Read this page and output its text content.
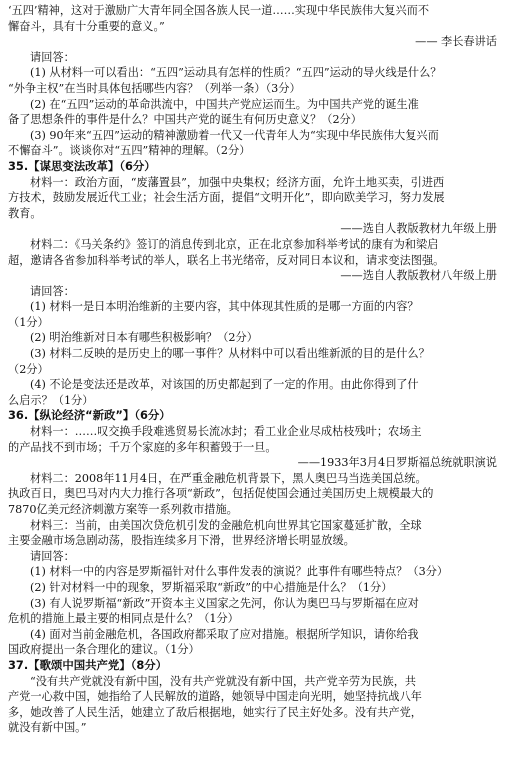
‘五四’精神，这对于激励广大青年同全国各族人民一道……实现中华民族伟大复兴而不
懈奋斗，具有十分重要的意义。”
—— 李长春讲话
请回答：
(1) 从材料一可以看出：“五四”运动具有怎样的性质？“五四”运动的导火线是什么？
“外争主权”在当时具体包括哪些内容？（列举一条）（3分）
(2) 在“五四”运动的革命洪流中，中国共产党应运而生。为中国共产党的诞生准
备了思想条件的事件是什么？中国共产党的诞生有何历史意义？（2分）
(3) 90年来“五四”运动的精神激励着一代又一代青年人为“实现中华民族伟大复兴而
不懈奋斗”。谈谈你对“五四”精神的理解。（2分）
35.【谋思变法改革】（6分）
材料一：政治方面，“废藩置县”，加强中央集权；经济方面，允许土地买卖，引进西
方技术，鼓励发展近代工业；社会生活方面，提倡“文明开化”，即向欧美学习，努力发展
教育。
——选自人教版教材九年级上册
材料二：《马关条约》签订的消息传到北京，正在北京参加科举考试的康有为和梁启
超，邀请各省参加科举考试的举人，联名上书光绪帝，反对同日本议和，请求变法图强。
——选自人教版教材八年级上册
请回答：
(1) 材料一是日本明治维新的主要内容，其中体现其性质的是哪一方面的内容？
（1分）
(2) 明治维新对日本有哪些积极影响？（2分）
(3) 材料二反映的是历史上的哪一事件？从材料中可以看出维新派的目的是什么？
（2分）
(4) 不论是变法还是改革，对该国的历史都起到了一定的作用。由此你得到了什
么启示？（1分）
36.【纵论经济“新政”】（6分）
材料一：……叹交换手段难逃贸易长流冰封；看工业企业尽成枯枝残叶；农场主
的产品找不到市场；千万个家庭的多年积蓄毁于一旦。
——1933年3月4日罗斯福总统就职演说
材料二：2008年11月4日，在严重金融危机背景下，黑人奥巴马当选美国总统。
执政百日，奥巴马对内大力推行各项“新政”，包括促使国会通过美国历史上规模最大的
7870亿美元经济刺激方案等一系列救市措施。
材料三：当前，由美国次贷危机引发的金融危机向世界其它国家蔓延扩散，全球
主要金融市场急剧动荡，股指连续多月下滑，世界经济增长明显放缓。
请回答：
(1) 材料一中的内容是罗斯福针对什么事件发表的演说？此事件有哪些特点？（3分）
(2) 针对材料一中的现象，罗斯福采取“新政”的中心措施是什么？（1分）
(3) 有人说罗斯福“新政”开资本主义国家之先河，你认为奥巴马与罗斯福在应对
危机的措施上最主要的相同点是什么？（1分）
(4) 面对当前金融危机，各国政府都采取了应对措施。根据所学知识，请你给我
国政府提出一条合理化的建议。（1分）
37.【歌颂中国共产党】（8分）
“没有共产党就没有新中国，没有共产党就没有新中国，共产党辛劳为民族，共
产党一心救中国，她指给了人民解放的道路，她领导中国走向光明，她坚持抗战八年
多，她改善了人民生活，她建立了敌后根据地，她实行了民主好处多。没有共产党，
就没有新中国。”
